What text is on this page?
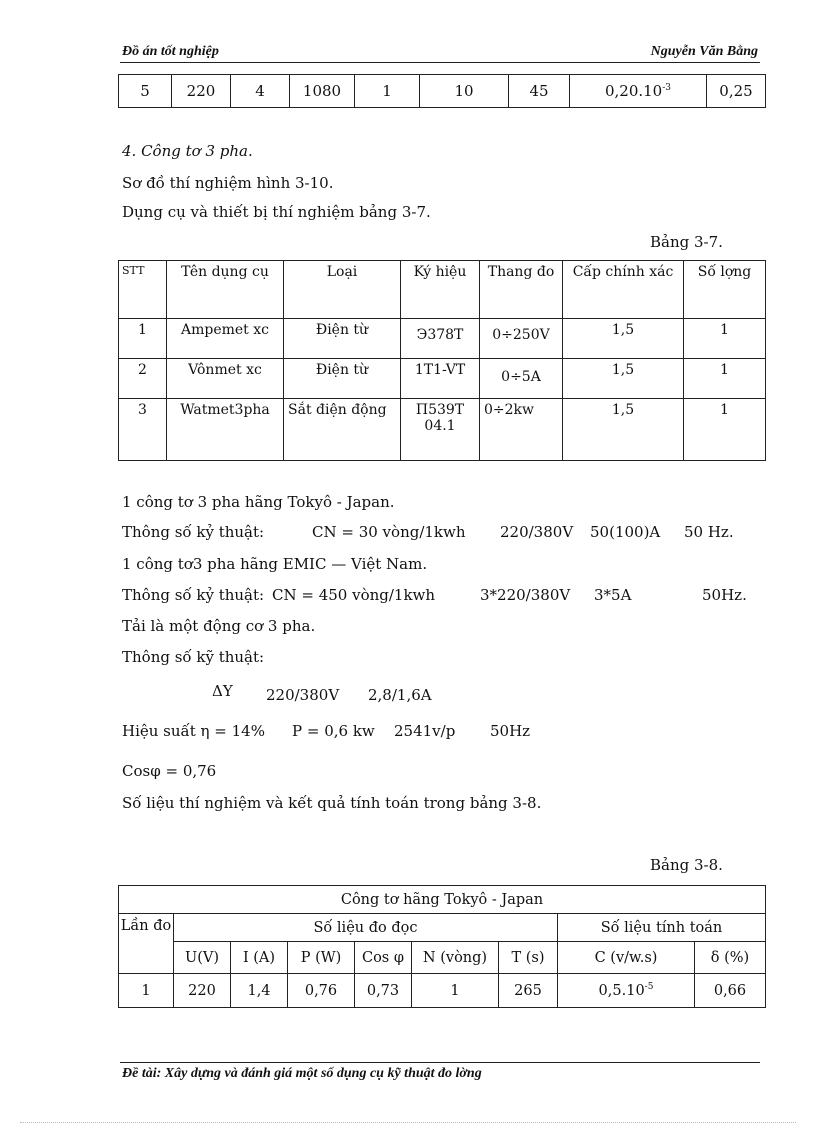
Đồ án tốt nghiệp	Nguyễn Văn Bằng
5	220	4	1080	1	10	45	$0,20.10^{-3}$	0,25
4. Công tơ 3 pha.
Sơ đồ thí nghiệm hình 3-10.
Dụng cụ và thiết bị thí nghiệm bảng 3-7.
Bảng 3-7.
STT	Tên dụng cụ	Loại	Ký hiệu	Thang đo	Cấp chính xác	Số lợng
1	Ampemet xc	Điện từ	Э378T	0÷250V	1,5	1
2	Vônmet xc	Điện từ	1T1-VT	0÷5A	1,5	1
3	Watmet3pha	Sắt điện động	Π539T 04.1	0÷2kw	1,5	1
1 công tơ 3 pha hãng Tokyô - Japan.
Thông số kỷ thuật:	CN = 30 vòng/1kwh 220/380V 50(100)A 50 Hz.
1 công tơ3 pha hãng EMIC — Việt Nam.
Thông số kỷ thuật: CN = 450 vòng/1kwh	3*220/380V 3*5A	50Hz.
Tải là một động cơ 3 pha.
Thông số kỹ thuật:
ΔY 220/380V 2,8/1,6A
Hiệu suất η = 14% P = 0,6 kw 2541v/p 50Hz
Cosφ = 0,76
Số liệu thí nghiệm và kết quả tính toán trong bảng 3-8.
Bảng 3-8.
Công tơ hãng Tokyô - Japan								
Lần đo	Số liệu đo đọc						Số liệu tính toán	
	U(V)	I (A)	P (W)	Cos φ	N (vòng)	T (s)	C (v/w.s)	δ (%)
1	220	1,4	0,76	0,73	1	265	$0,5.10^{-5}$	0,66
Đề tài: Xây dựng và đánh giá một số dụng cụ kỹ thuật đo lờng
